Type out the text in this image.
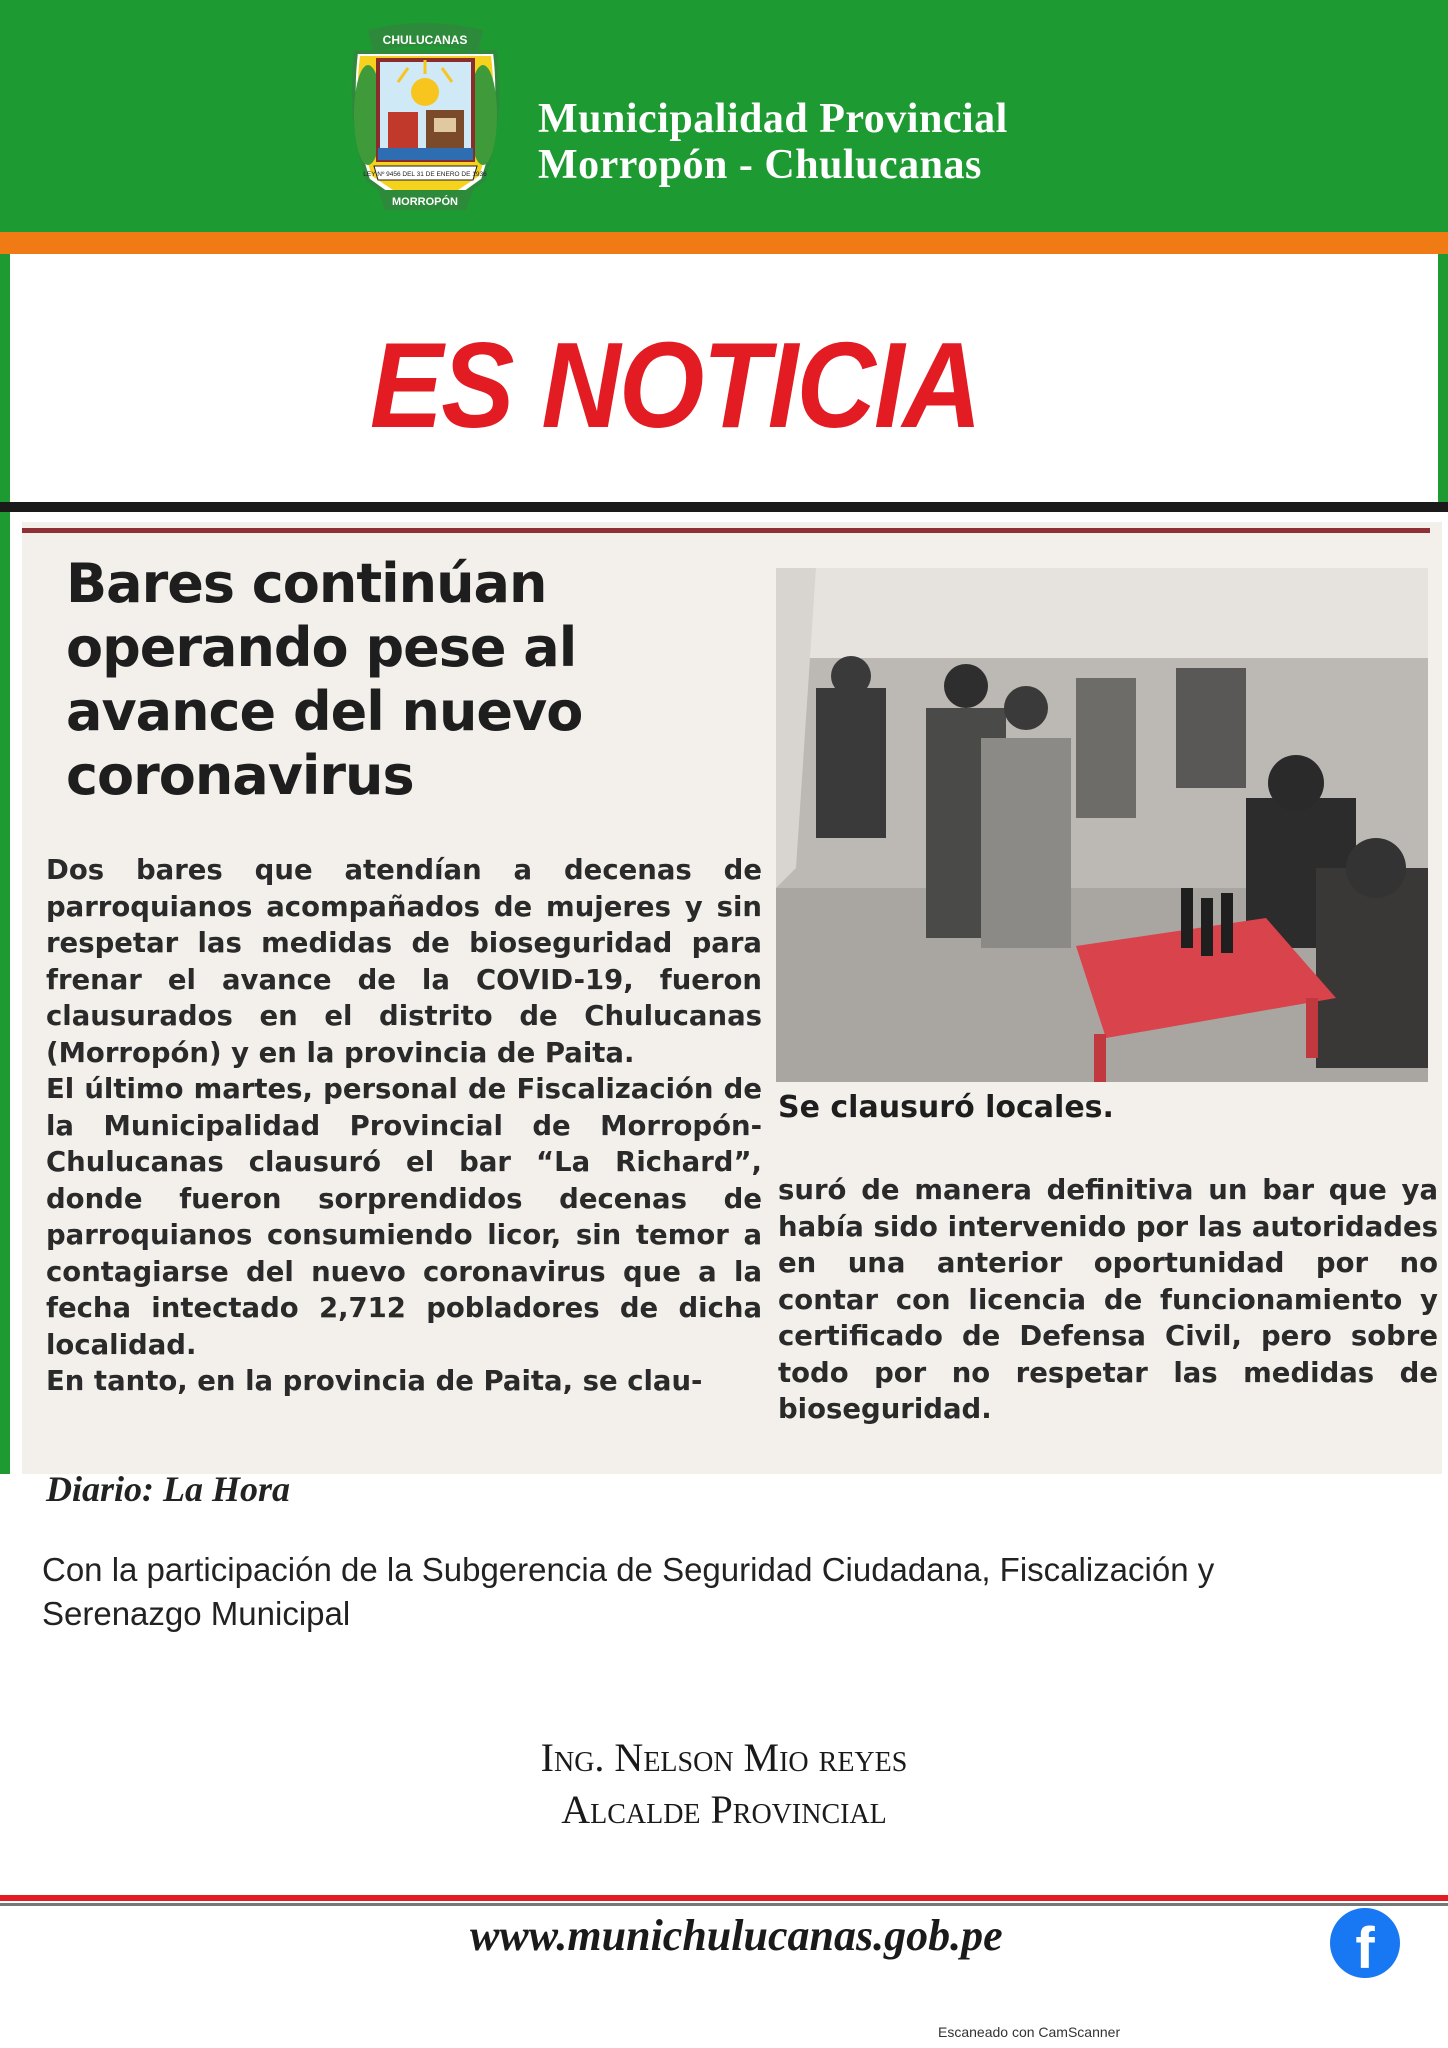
CHULUCANAS
LEY Nº 9456 DEL 31 DE ENERO DE 1936
MORROPÓN
Municipalidad Provincial
Morropón - Chulucanas
ES NOTICIA
Bares continúan operando pese al avance del nuevo coronavirus
Se clausuró locales.

Dos bares que atendían a decenas de parroquianos acompañados de mujeres y sin respetar las medidas de bioseguridad para frenar el avance de la COVID-19, fueron clausurados en el distrito de Chulucanas (Morropón) y en la provincia de Paita.

El último martes, personal de Fiscalización de la Municipalidad Provincial de Morropón-Chulucanas clausuró el bar “La Richard”, donde fueron sorprendidos decenas de parroquianos consumiendo licor, sin temor a contagiarse del nuevo coronavirus que a la fecha intectado 2,712 pobladores de dicha localidad.

En tanto, en la provincia de Paita, se clau-

suró de manera definitiva un bar que ya había sido intervenido por las autoridades en una anterior oportunidad por no contar con licencia de funcionamiento y certificado de Defensa Civil, pero sobre todo por no respetar las medidas de bioseguridad.
Diario: La Hora
Con la participación de la Subgerencia de Seguridad Ciudadana, Fiscalización y Serenazgo Municipal
Ing. Nelson Mio reyes
Alcalde Provincial
www.munichulucanas.gob.pe	f
Escaneado con CamScanner
